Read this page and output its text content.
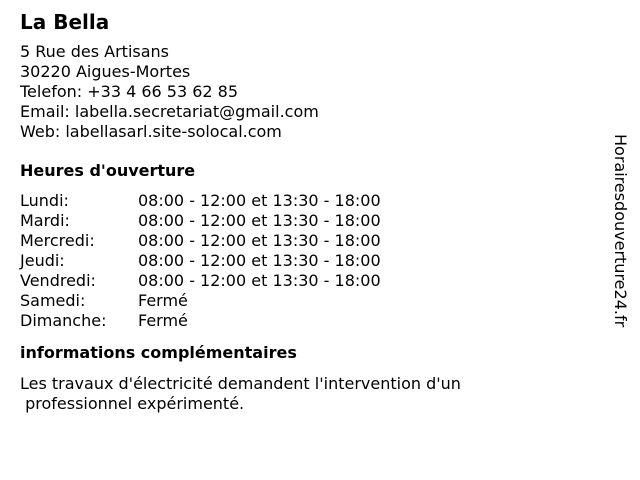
La Bella
5 Rue des Artisans
30220 Aigues-Mortes
Telefon: +33 4 66 53 62 85
Email: labella.secretariat@gmail.com
Web: labellasarl.site-solocal.com
Heures d'ouverture
Lundi:	08:00 - 12:00 et 13:30 - 18:00
Mardi:	08:00 - 12:00 et 13:30 - 18:00
Mercredi:	08:00 - 12:00 et 13:30 - 18:00
Jeudi:	08:00 - 12:00 et 13:30 - 18:00
Vendredi:	08:00 - 12:00 et 13:30 - 18:00
Samedi:	Fermé
Dimanche:	Fermé
informations complémentaires
Les travaux d'électricité demandent l'intervention d'un
professionnel expérimenté.
Horairesdouverture24.fr
